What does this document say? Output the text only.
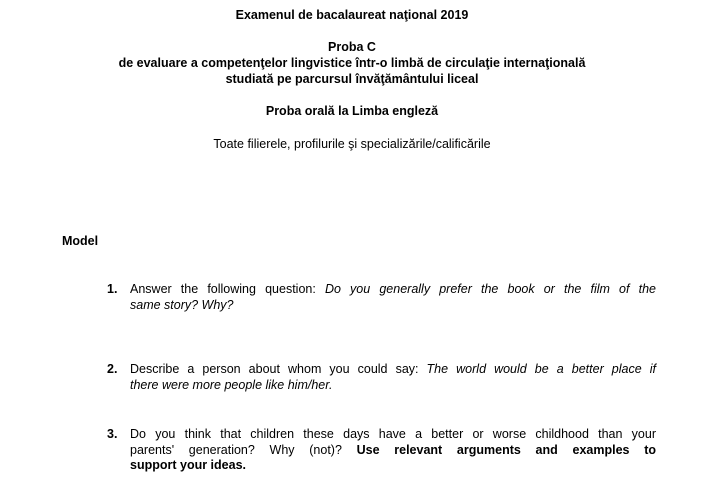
Examenul de bacalaureat naţional 2019
Proba C
de evaluare a competenţelor lingvistice într-o limbă de circulaţie internaţională
studiată pe parcursul învăţământului liceal
Proba orală la Limba engleză
Toate filierele, profilurile şi specializările/calificările
Model
1. Answer the following question: Do you generally prefer the book or the film of the
same story? Why?
2. Describe a person about whom you could say: The world would be a better place if
there were more people like him/her.
3. Do you think that children these days have a better or worse childhood than your
parents' generation? Why (not)? Use relevant arguments and examples to
support your ideas.
